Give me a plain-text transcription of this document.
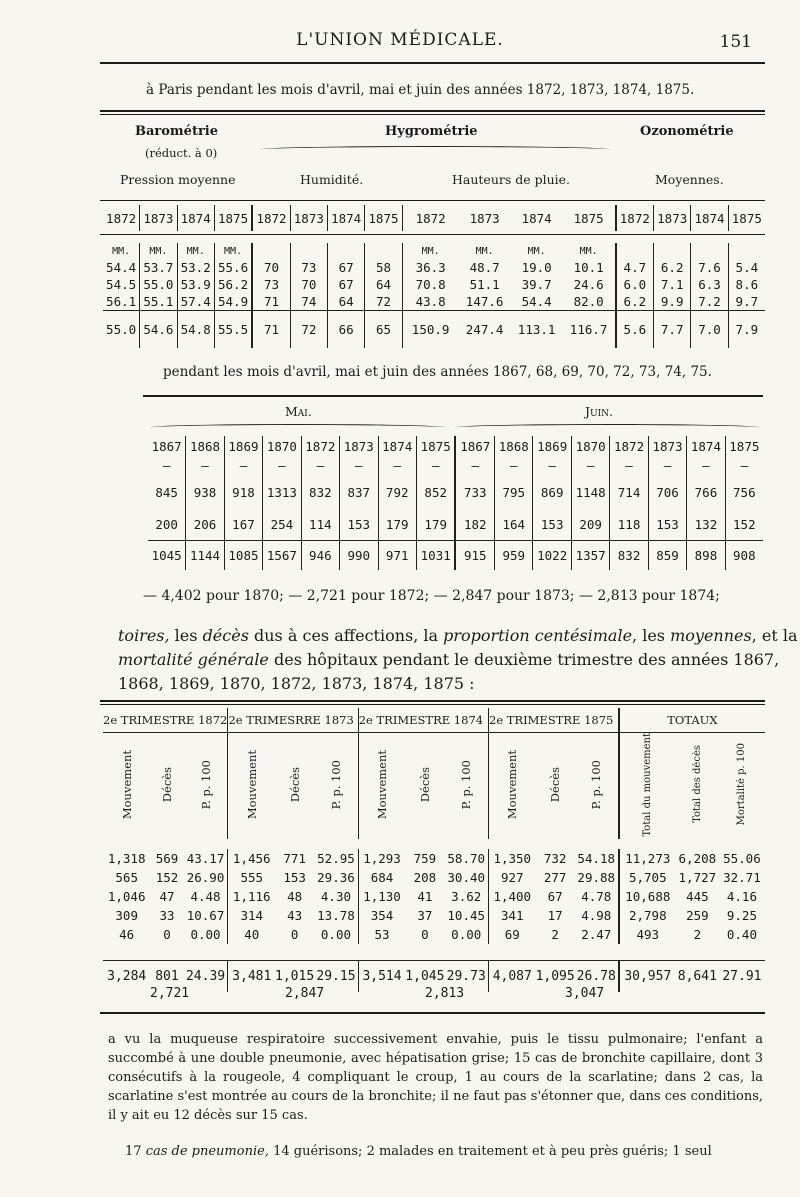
L'UNION MÉDICALE.	151
à Paris pendant les mois d'avril, mai et juin des années 1872, 1873, 1874, 1875.
Barométrie
(réduct. à 0)
Hygrométrie	Ozonométrie
Pression moyenne	Humidité.	Hauteurs de pluie.	Moyennes.
1872	1873	1874	1875	1872	1873	1874	1875	1872	1873	1874	1875	1872	1873	1874	1875

MM.	MM.	MM.	MM.					MM.	MM.	MM.	MM.				
54.4	53.7	53.2	55.6	70	73	67	58	36.3	48.7	19.0	10.1	4.7	6.2	7.6	5.4
54.5	55.0	53.9	56.2	73	70	67	64	70.8	51.1	39.7	24.6	6.0	7.1	6.3	8.6
56.1	55.1	57.4	54.9	71	74	64	72	43.8	147.6	54.4	82.0	6.2	9.9	7.2	9.7
55.0	54.6	54.8	55.5	71	72	66	65	150.9	247.4	113.1	116.7	5.6	7.7	7.0	7.9
pendant les mois d'avril, mai et juin des années 1867, 68, 69, 70, 72, 73, 74, 75.
Mai.	Juin.
1867	1868	1869	1870	1872	1873	1874	1875	1867	1868	1869	1870	1872	1873	1874	1875
—	—	—	—	—	—	—	—	—	—	—	—	—	—	—	—
845	938	918	1313	832	837	792	852	733	795	869	1148	714	706	766	756
200	206	167	254	114	153	179	179	182	164	153	209	118	153	132	152
1045	1144	1085	1567	946	990	971	1031	915	959	1022	1357	832	859	898	908
— 4,402 pour 1870; — 2,721 pour 1872; — 2,847 pour 1873; — 2,813 pour 1874;
toires, les décès dus à ces affections, la proportion centésimale, les moyennes, et la
mortalité générale des hôpitaux pendant le deuxième trimestre des années 1867,
1868, 1869, 1870, 1872, 1873, 1874, 1875 :
2e TRIMESTRE 1872			2e TRIMESRRE 1873			2e TRIMESTRE 1874			2e TRIMESTRE 1875			TOTAUX		
Mouvement	Décès	P. p. 100	Mouvement	Décès	P. p. 100	Mouvement	Décès	P. p. 100	Mouvement	Décès	P. p. 100	Total du mouvement	Total des décès	Mortalité p. 100

1,318	569	43.17	1,456	771	52.95	1,293	759	58.70	1,350	732	54.18	11,273	6,208	55.06
565	152	26.90	555	153	29.36	684	208	30.40	927	277	29.88	5,705	1,727	32.71
1,046	47	4.48	1,116	48	4.30	1,130	41	3.62	1,400	67	4.78	10,688	445	4.16
309	33	10.67	314	43	13.78	354	37	10.45	341	17	4.98	2,798	259	9.25
46	0	0.00	40	0	0.00	53	0	0.00	69	2	2.47	493	2	0.40

3,284	801	24.39	3,481	1,015	29.15	3,514	1,045	29.73	4,087	1,095	26.78	30,957	8,641	27.91
2,721	2,847	2,813	3,047
a vu la muqueuse respiratoire successivement envahie, puis le tissu pulmonaire; l'enfant a succombé à une double pneumonie, avec hépatisation grise; 15 cas de bronchite capillaire, dont 3 consécutifs à la rougeole, 4 compliquant le croup, 1 au cours de la scarlatine; dans 2 cas, la scarlatine s'est montrée au cours de la bronchite; il ne faut pas s'étonner que, dans ces conditions, il y ait eu 12 décès sur 15 cas.
17 cas de pneumonie, 14 guérisons; 2 malades en traitement et à peu près guéris; 1 seul
